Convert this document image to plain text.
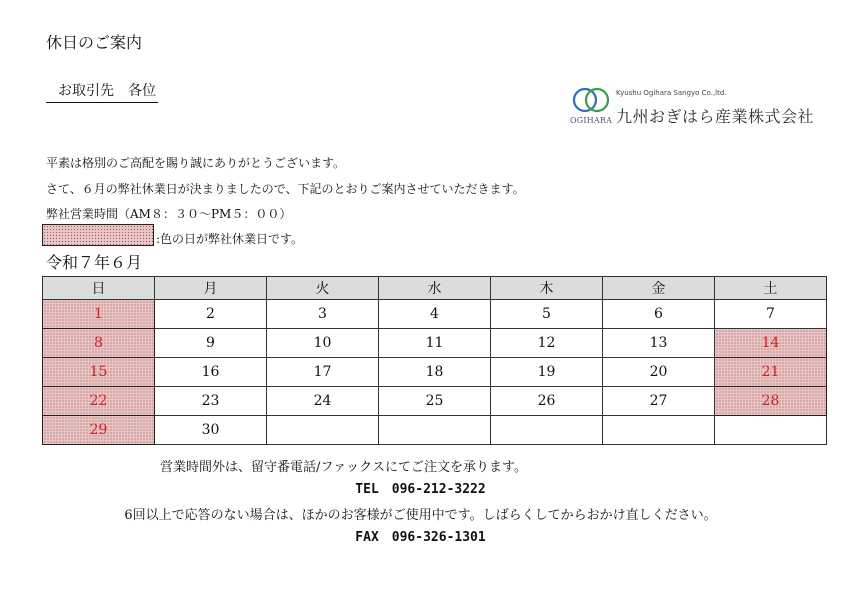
休日のご案内
お取引先　各位
OGIHARA
Kyushu Ogihara Sangyo Co.,ltd.
九州おぎはら産業株式会社
平素は格別のご高配を賜り誠にありがとうございます。
さて、６月の弊社休業日が決まりましたので、下記のとおりご案内させていただきます。
弊社営業時間（AM８：３０～PM５：００）
:色の日が弊社休業日です。
令和７年６月
日	月	火	水	木	金	土
1	2	3	4	5	6	7
8	9	10	11	12	13	14
15	16	17	18	19	20	21
22	23	24	25	26	27	28
29	30					
営業時間外は、留守番電話/ファックスにてご注文を承ります。
TEL　096-212-3222
6回以上で応答のない場合は、ほかのお客様がご使用中です。しばらくしてからおかけ直しください。
FAX　096-326-1301
